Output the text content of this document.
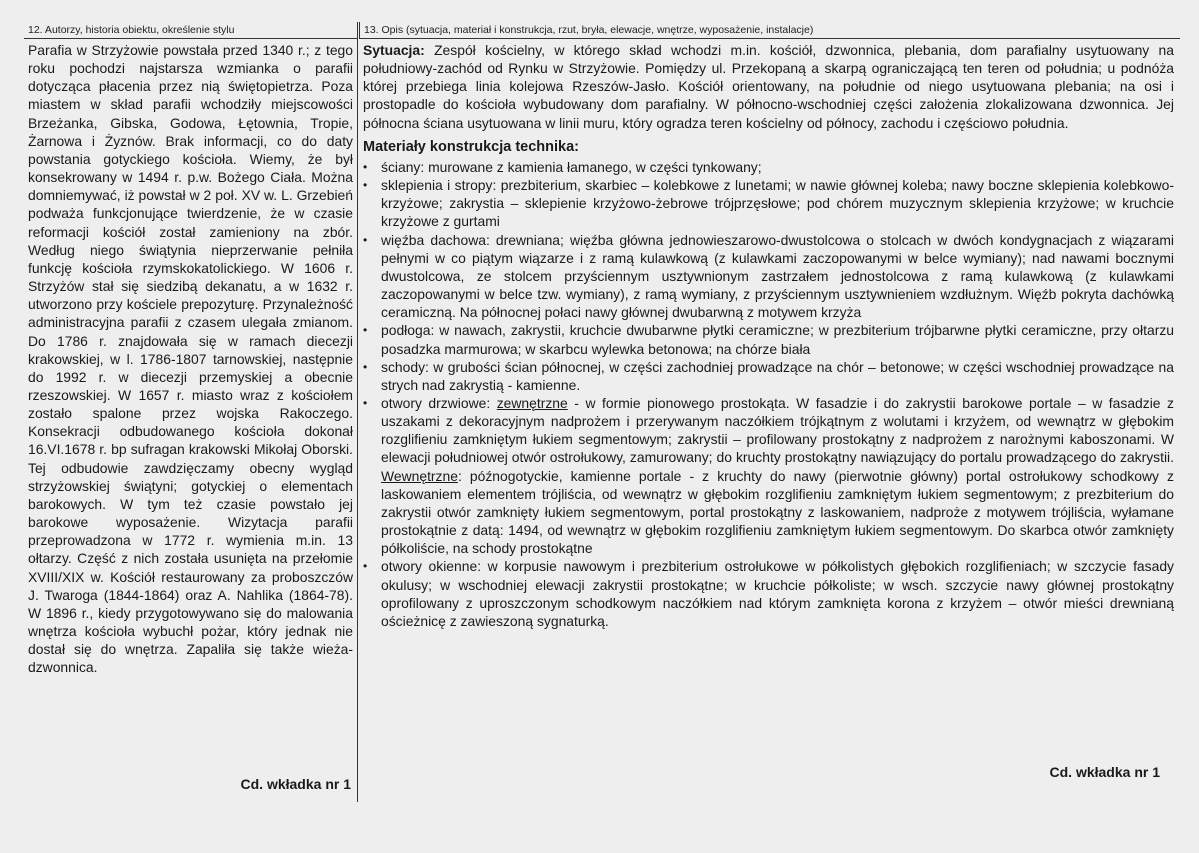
12. Autorzy, historia obiektu, określenie stylu
Parafia w Strzyżowie powstała przed 1340 r.; z tego roku pochodzi najstarsza wzmianka o parafii dotycząca płacenia przez nią świętopietrza. Poza miastem w skład parafii wchodziły miejscowości Brzeżanka, Gibska, Godowa, Łętownia, Tropie, Żarnowa i Żyznów. Brak informacji, co do daty powstania gotyckiego kościoła. Wiemy, że był konsekrowany w 1494 r. p.w. Bożego Ciała. Można domniemywać, iż powstał w 2 poł. XV w. L. Grzebień podważa funkcjonujące twierdzenie, że w czasie reformacji kościół został zamieniony na zbór. Według niego świątynia nieprzerwanie pełniła funkcję kościoła rzymskokatolickiego. W 1606 r. Strzyżów stał się siedzibą dekanatu, a w 1632 r. utworzono przy kościele prepozyturę. Przynależność administracyjna parafii z czasem ulegała zmianom. Do 1786 r. znajdowała się w ramach diecezji krakowskiej, w l. 1786-1807 tarnowskiej, następnie do 1992 r. w diecezji przemyskiej a obecnie rzeszowskiej. W 1657 r. miasto wraz z kościołem zostało spalone przez wojska Rakoczego. Konsekracji odbudowanego kościoła dokonał 16.VI.1678 r. bp sufragan krakowski Mikołaj Oborski. Tej odbudowie zawdzięczamy obecny wygląd strzyżowskiej świątyni; gotyckiej o elementach barokowych. W tym też czasie powstało jej barokowe wyposażenie. Wizytacja parafii przeprowadzona w 1772 r. wymienia m.in. 13 ołtarzy. Część z nich została usunięta na przełomie XVIII/XIX w. Kościół restaurowany za proboszczów J. Twaroga (1844-1864) oraz A. Nahlika (1864-78). W 1896 r., kiedy przygotowywano się do malowania wnętrza kościoła wybuchł pożar, który jednak nie dostał się do wnętrza. Zapaliła się także wieża-dzwonnica.
Cd. wkładka nr 1
13. Opis (sytuacja, materiał i konstrukcja, rzut, bryła, elewacje, wnętrze, wyposażenie, instalacje)

Sytuacja: Zespół kościelny, w którego skład wchodzi m.in. kościół, dzwonnica, plebania, dom parafialny usytuowany na południowy-zachód od Rynku w Strzyżowie. Pomiędzy ul. Przekopaną a skarpą ograniczającą ten teren od południa; u podnóża której przebiega linia kolejowa Rzeszów-Jasło. Kościół orientowany, na południe od niego usytuowana plebania; na osi i prostopadle do kościoła wybudowany dom parafialny. W północno-wschodniej części założenia zlokalizowana dzwonnica. Jej północna ściana usytuowana w linii muru, który ogradza teren kościelny od północy, zachodu i częściowo południa.

Materiały konstrukcja technika:
• ściany: murowane z kamienia łamanego, w części tynkowany;
• sklepienia i stropy: prezbiterium, skarbiec – kolebkowe z lunetami; w nawie głównej koleba; nawy boczne sklepienia kolebkowo-krzyżowe; zakrystia – sklepienie krzyżowo-żebrowe trójprzęsłowe; pod chórem muzycznym sklepienia krzyżowe; w kruchcie krzyżowe z gurtami
• więźba dachowa: drewniana; więźba główna jednowieszarowo-dwustolcowa o stolcach w dwóch kondygnacjach z wiązarami pełnymi w co piątym wiązarze i z ramą kulawkową (z kulawkami zaczopowanymi w belce wymiany); nad nawami bocznymi dwustolcowa, ze stolcem przyściennym usztywnionym zastrzałem jednostolcowa z ramą kulawkową (z kulawkami zaczopowanymi w belce tzw. wymiany), z ramą wymiany, z przyściennym usztywnieniem wzdłużnym. Więźb pokryta dachówką ceramiczną. Na północnej połaci nawy głównej dwubarwną z motywem krzyża
• podłoga: w nawach, zakrystii, kruchcie dwubarwne płytki ceramiczne; w prezbiterium trójbarwne płytki ceramiczne, przy ołtarzu posadzka marmurowa; w skarbcu wylewka betonowa; na chórze biała
• schody: w grubości ścian północnej, w części zachodniej prowadzące na chór – betonowe; w części wschodniej prowadzące na strych nad zakrystią - kamienne.
• otwory drzwiowe: zewnętrzne - w formie pionowego prostokąta. W fasadzie i do zakrystii barokowe portale – w fasadzie z uszakami z dekoracyjnym nadprożem i przerywanym naczółkiem trójkątnym z wolutami i krzyżem, od wewnątrz w głębokim rozglifieniu zamkniętym łukiem segmentowym; zakrystii – profilowany prostokątny z nadprożem z narożnymi kaboszonami. W elewacji południowej otwór ostrołukowy, zamurowany; do kruchty prostokątny nawiązujący do portalu prowadzącego do zakrystii. Wewnętrzne: późnogotyckie, kamienne portale - z kruchty do nawy (pierwotnie główny) portal ostrołukowy schodkowy z laskowaniem elementem trójliścia, od wewnątrz w głębokim rozglifieniu zamkniętym łukiem segmentowym; z prezbiterium do zakrystii otwór zamknięty łukiem segmentowym, portal prostokątny z laskowaniem, nadproże z motywem trójliścia, wyłamane prostokątnie z datą: 1494, od wewnątrz w głębokim rozglifieniu zamkniętym łukiem segmentowym. Do skarbca otwór zamknięty półkoliście, na schody prostokątne
• otwory okienne: w korpusie nawowym i prezbiterium ostrołukowe w półkolistych głębokich rozglifieniach; w szczycie fasady okulusy; w wschodniej elewacji zakrystii prostokątne; w kruchcie półkoliste; w wsch. szczycie nawy głównej prostokątny oprofilowany z uproszczonym schodkowym naczółkiem nad którym zamknięta korona z krzyżem – otwór mieści drewnianą ościeżnicę z zawieszoną sygnaturką.
Cd. wkładka nr 1
